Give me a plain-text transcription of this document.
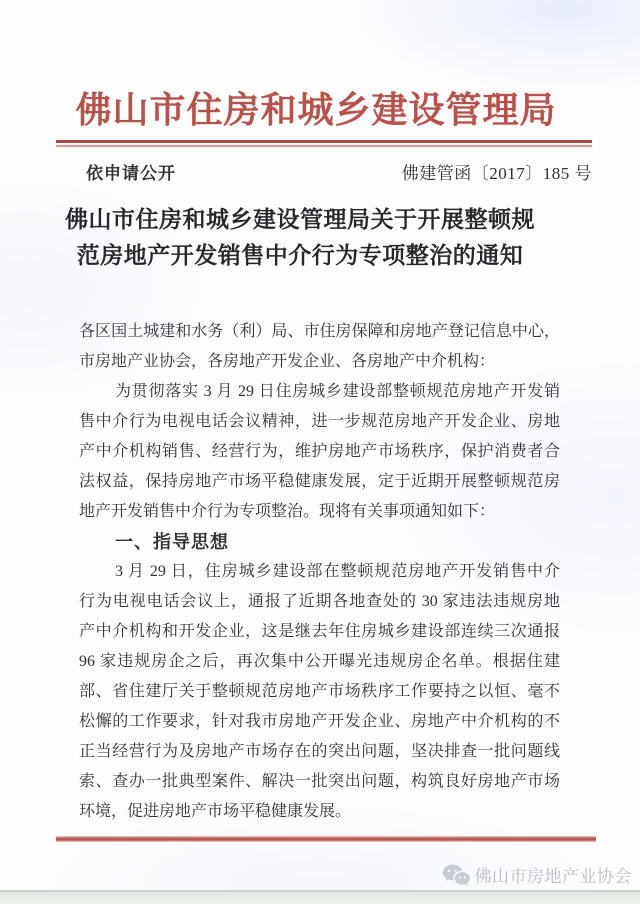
佛山市住房和城乡建设管理局
依申请公开	佛建管函〔2017〕185 号
佛山市住房和城乡建设管理局关于开展整顿规
范房地产开发销售中介行为专项整治的通知
各区国土城建和水务（利）局、市住房保障和房地产登记信息中心，
市房地产业协会，各房地产开发企业、各房地产中介机构：
为贯彻落实 3 月 29 日住房城乡建设部整顿规范房地产开发销
售中介行为电视电话会议精神，进一步规范房地产开发企业、房地
产中介机构销售、经营行为，维护房地产市场秩序，保护消费者合
法权益，保持房地产市场平稳健康发展，定于近期开展整顿规范房
地产开发销售中介行为专项整治。现将有关事项通知如下：
一、指导思想
3 月 29 日，住房城乡建设部在整顿规范房地产开发销售中介
行为电视电话会议上，通报了近期各地查处的 30 家违法违规房地
产中介机构和开发企业，这是继去年住房城乡建设部连续三次通报
96 家违规房企之后，再次集中公开曝光违规房企名单。根据住建
部、省住建厅关于整顿规范房地产市场秩序工作要持之以恒、毫不
松懈的工作要求，针对我市房地产开发企业、房地产中介机构的不
正当经营行为及房地产市场存在的突出问题，坚决排查一批问题线
索、查办一批典型案件、解决一批突出问题，构筑良好房地产市场
环境，促进房地产市场平稳健康发展。
佛山市房地产业协会
